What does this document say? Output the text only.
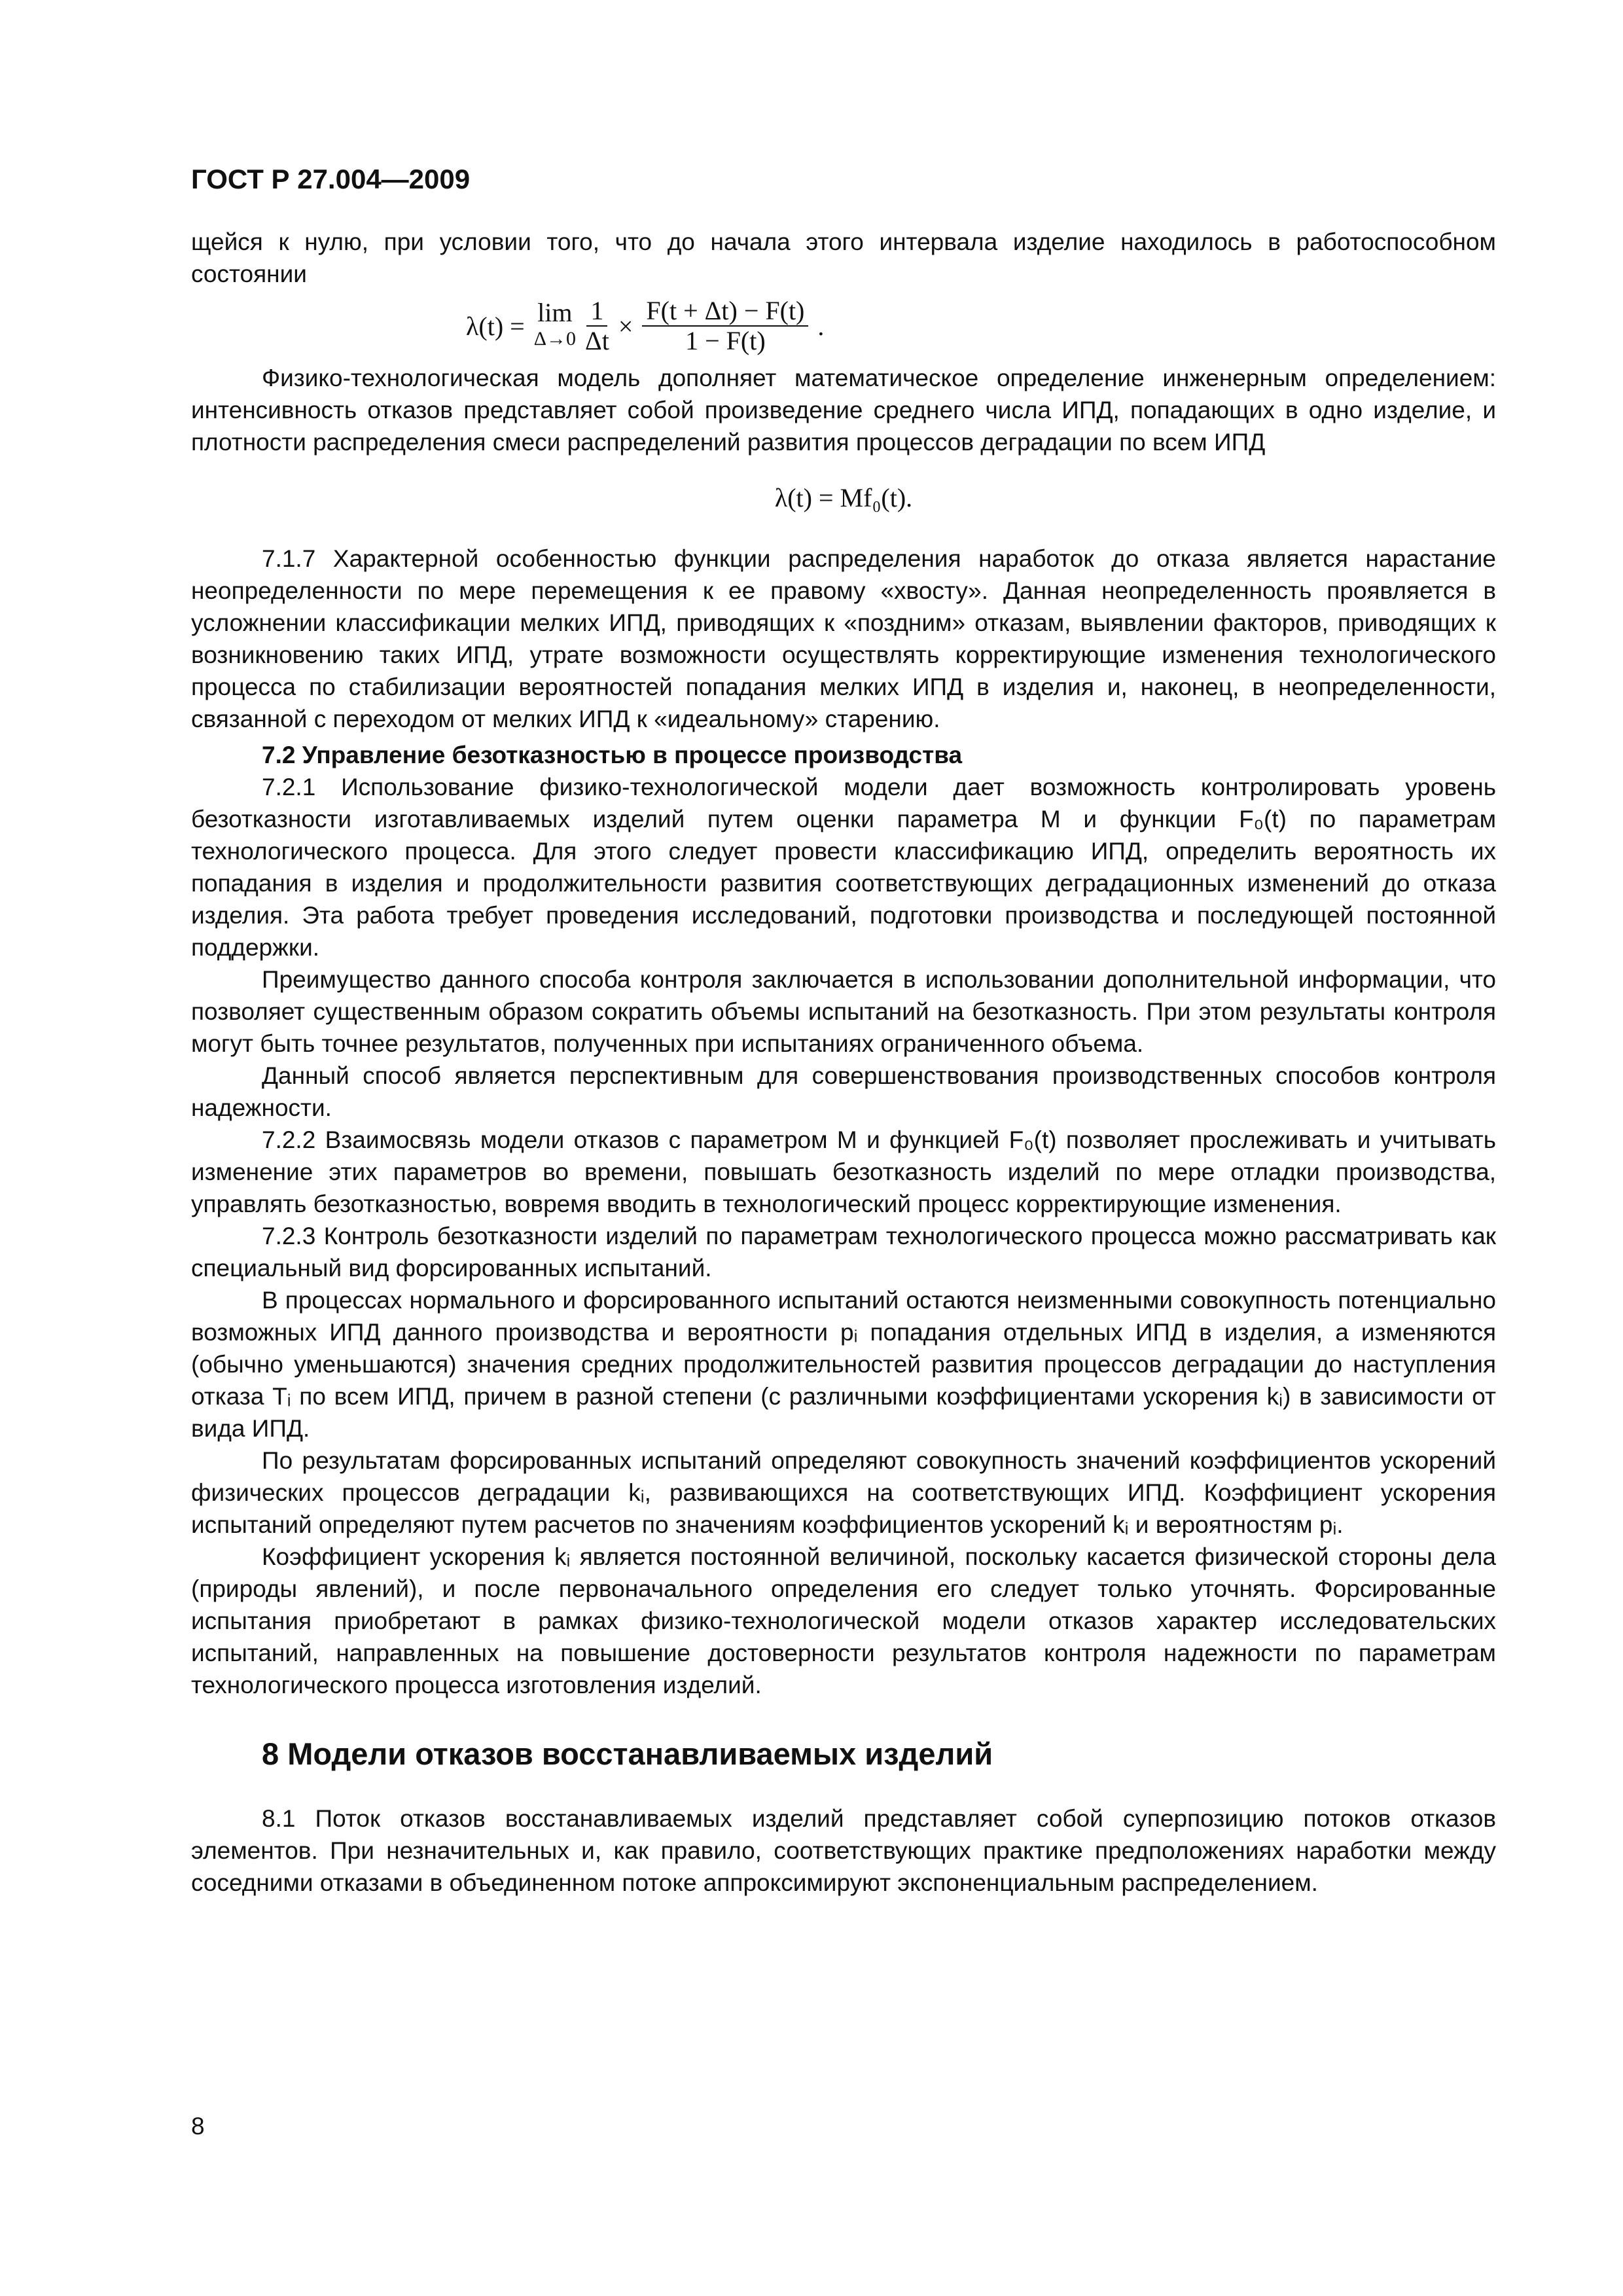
ГОСТ Р 27.004—2009

щейся к нулю, при условии того, что до начала этого интервала изделие находилось в работоспособном состоянии

λ(t) = lim
$\Delta\to 0 \frac{1}{\Delta t} \times \frac{F(t + \Delta t) - F(t)}{1 - F(t)}$ .

Физико-технологическая модель дополняет математическое определение инженерным определением: интенсивность отказов представляет собой произведение среднего числа ИПД, попадающих в одно изделие, и плотности распределения смеси распределений развития процессов деградации по всем ИПД

λ(t) = Mf₀(t).

7.1.7 Характерной особенностью функции распределения наработок до отказа является нарастание неопределенности по мере перемещения к ее правому «хвосту». Данная неопределенность проявляется в усложнении классификации мелких ИПД, приводящих к «поздним» отказам, выявлении факторов, приводящих к возникновению таких ИПД, утрате возможности осуществлять корректирующие изменения технологического процесса по стабилизации вероятностей попадания мелких ИПД в изделия и, наконец, в неопределенности, связанной с переходом от мелких ИПД к «идеальному» старению.

7.2 Управление безотказностью в процессе производства

7.2.1 Использование физико-технологической модели дает возможность контролировать уровень безотказности изготавливаемых изделий путем оценки параметра M и функции F₀(t) по параметрам технологического процесса. Для этого следует провести классификацию ИПД, определить вероятность их попадания в изделия и продолжительности развития соответствующих деградационных изменений до отказа изделия. Эта работа требует проведения исследований, подготовки производства и последующей постоянной поддержки.

Преимущество данного способа контроля заключается в использовании дополнительной информации, что позволяет существенным образом сократить объемы испытаний на безотказность. При этом результаты контроля могут быть точнее результатов, полученных при испытаниях ограниченного объема.

Данный способ является перспективным для совершенствования производственных способов контроля надежности.

7.2.2 Взаимосвязь модели отказов с параметром M и функцией F₀(t) позволяет прослеживать и учитывать изменение этих параметров во времени, повышать безотказность изделий по мере отладки производства, управлять безотказностью, вовремя вводить в технологический процесс корректирующие изменения.

7.2.3 Контроль безотказности изделий по параметрам технологического процесса можно рассматривать как специальный вид форсированных испытаний.

В процессах нормального и форсированного испытаний остаются неизменными совокупность потенциально возможных ИПД данного производства и вероятности pᵢ попадания отдельных ИПД в изделия, а изменяются (обычно уменьшаются) значения средних продолжительностей развития процессов деградации до наступления отказа Tᵢ по всем ИПД, причем в разной степени (с различными коэффициентами ускорения kᵢ) в зависимости от вида ИПД.

По результатам форсированных испытаний определяют совокупность значений коэффициентов ускорений физических процессов деградации kᵢ, развивающихся на соответствующих ИПД. Коэффициент ускорения испытаний определяют путем расчетов по значениям коэффициентов ускорений kᵢ и вероятностям pᵢ.

Коэффициент ускорения kᵢ является постоянной величиной, поскольку касается физической стороны дела (природы явлений), и после первоначального определения его следует только уточнять. Форсированные испытания приобретают в рамках физико-технологической модели отказов характер исследовательских испытаний, направленных на повышение достоверности результатов контроля надежности по параметрам технологического процесса изготовления изделий.

8 Модели отказов восстанавливаемых изделий

8.1 Поток отказов восстанавливаемых изделий представляет собой суперпозицию потоков отказов элементов. При незначительных и, как правило, соответствующих практике предположениях наработки между соседними отказами в объединенном потоке аппроксимируют экспоненциальным распределением.

8
